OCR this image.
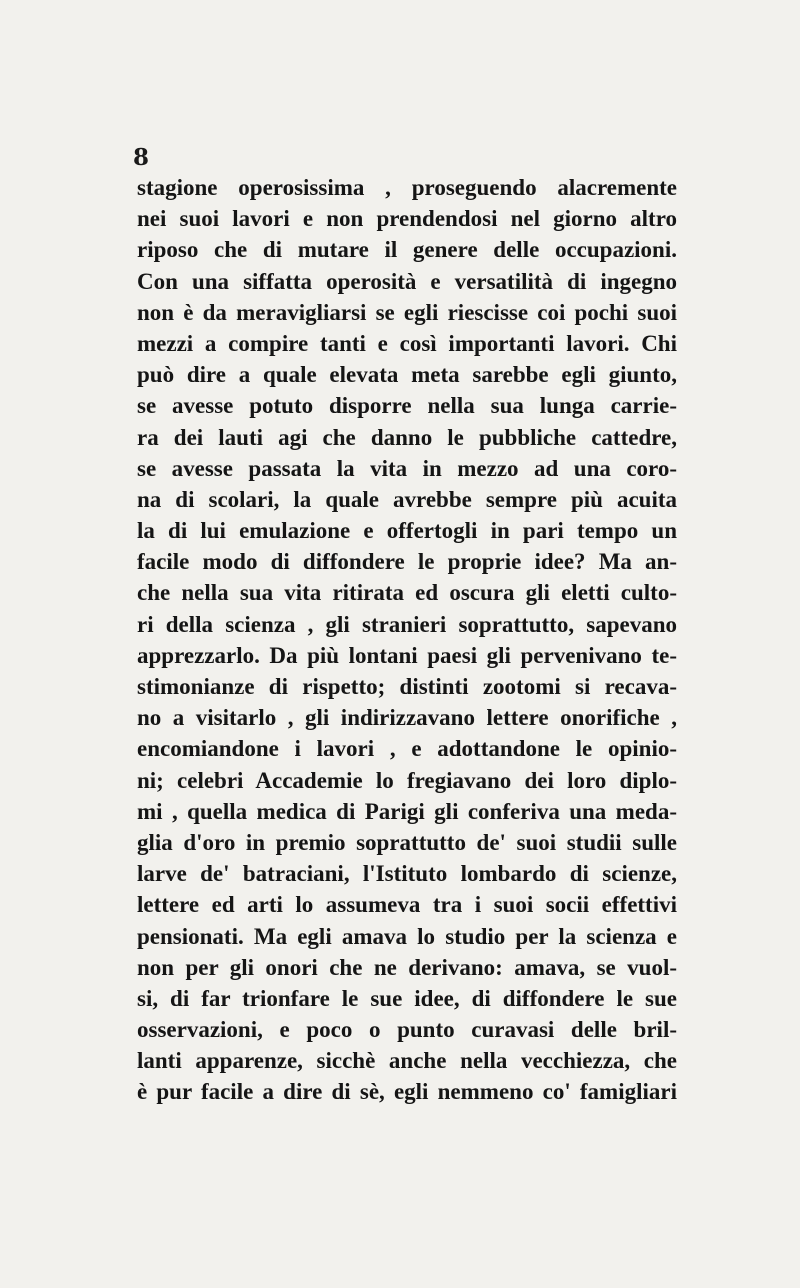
8
stagione operosissima , proseguendo alacremente
nei suoi lavori e non prendendosi nel giorno altro
riposo che di mutare il genere delle occupazioni.
Con una siffatta operosità e versatilità di ingegno
non è da meravigliarsi se egli riescisse coi pochi suoi
mezzi a compire tanti e così importanti lavori. Chi
può dire a quale elevata meta sarebbe egli giunto,
se avesse potuto disporre nella sua lunga carrie-
ra dei lauti agi che danno le pubbliche cattedre,
se avesse passata la vita in mezzo ad una coro-
na di scolari, la quale avrebbe sempre più acuita
la di lui emulazione e offertogli in pari tempo un
facile modo di diffondere le proprie idee? Ma an-
che nella sua vita ritirata ed oscura gli eletti culto-
ri della scienza , gli stranieri soprattutto, sapevano
apprezzarlo. Da più lontani paesi gli pervenivano te-
stimonianze di rispetto; distinti zootomi si recava-
no a visitarlo , gli indirizzavano lettere onorifiche ,
encomiandone i lavori , e adottandone le opinio-
ni; celebri Accademie lo fregiavano dei loro diplo-
mi , quella medica di Parigi gli conferiva una meda-
glia d'oro in premio soprattutto de' suoi studii sulle
larve de' batraciani, l'Istituto lombardo di scienze,
lettere ed arti lo assumeva tra i suoi socii effettivi
pensionati. Ma egli amava lo studio per la scienza e
non per gli onori che ne derivano: amava, se vuol-
si, di far trionfare le sue idee, di diffondere le sue
osservazioni, e poco o punto curavasi delle bril-
lanti apparenze, sicchè anche nella vecchiezza, che
è pur facile a dire di sè, egli nemmeno co' famigliari
